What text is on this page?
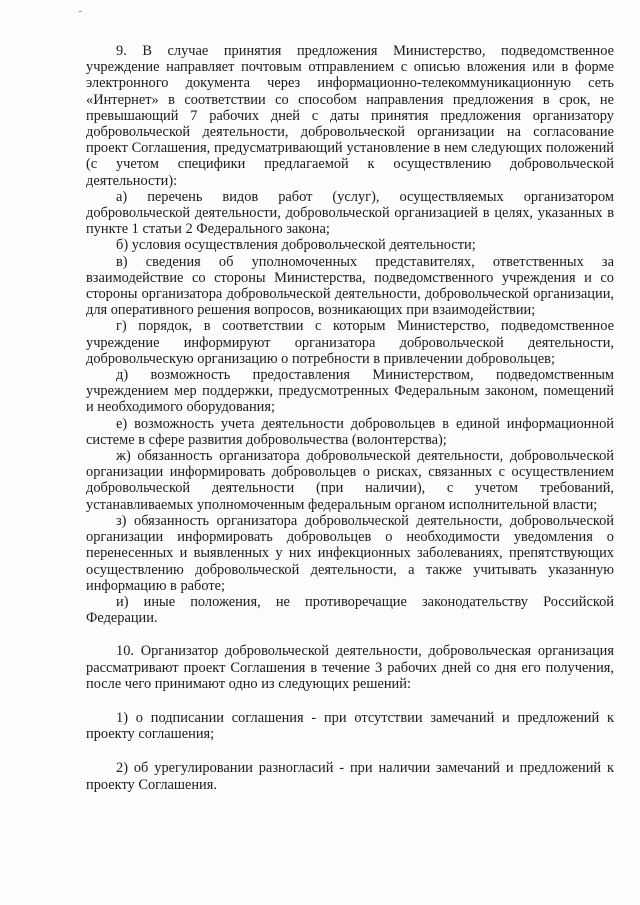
9. В случае принятия предложения Министерство, подведомственное учреждение направляет почтовым отправлением с описью вложения или в форме электронного документа через информационно-телекоммуникационную сеть «Интернет» в соответствии со способом направления предложения в срок, не превышающий 7 рабочих дней с даты принятия предложения организатору добровольческой деятельности, добровольческой организации на согласование проект Соглашения, предусматривающий установление в нем следующих положений (с учетом специфики предлагаемой к осуществлению добровольческой деятельности):

а) перечень видов работ (услуг), осуществляемых организатором добровольческой деятельности, добровольческой организацией в целях, указанных в пункте 1 статьи 2 Федерального закона;

б) условия осуществления добровольческой деятельности;

в) сведения об уполномоченных представителях, ответственных за взаимодействие со стороны Министерства, подведомственного учреждения и со стороны организатора добровольческой деятельности, добровольческой организации, для оперативного решения вопросов, возникающих при взаимодействии;

г) порядок, в соответствии с которым Министерство, подведомственное учреждение информируют организатора добровольческой деятельности, добровольческую организацию о потребности в привлечении добровольцев;

д) возможность предоставления Министерством, подведомственным учреждением мер поддержки, предусмотренных Федеральным законом, помещений и необходимого оборудования;

е) возможность учета деятельности добровольцев в единой информационной системе в сфере развития добровольчества (волонтерства);

ж) обязанность организатора добровольческой деятельности, добровольческой организации информировать добровольцев о рисках, связанных с осуществлением добровольческой деятельности (при наличии), с учетом требований, устанавливаемых уполномоченным федеральным органом исполнительной власти;

з) обязанность организатора добровольческой деятельности, добровольческой организации информировать добровольцев о необходимости уведомления о перенесенных и выявленных у них инфекционных заболеваниях, препятствующих осуществлению добровольческой деятельности, а также учитывать указанную информацию в работе;

и) иные положения, не противоречащие законодательству Российской Федерации.

10. Организатор добровольческой деятельности, добровольческая организация рассматривают проект Соглашения в течение 3 рабочих дней со дня его получения, после чего принимают одно из следующих решений:

1) о подписании соглашения - при отсутствии замечаний и предложений к проекту соглашения;

2) об урегулировании разногласий - при наличии замечаний и предложений к проекту Соглашения.
